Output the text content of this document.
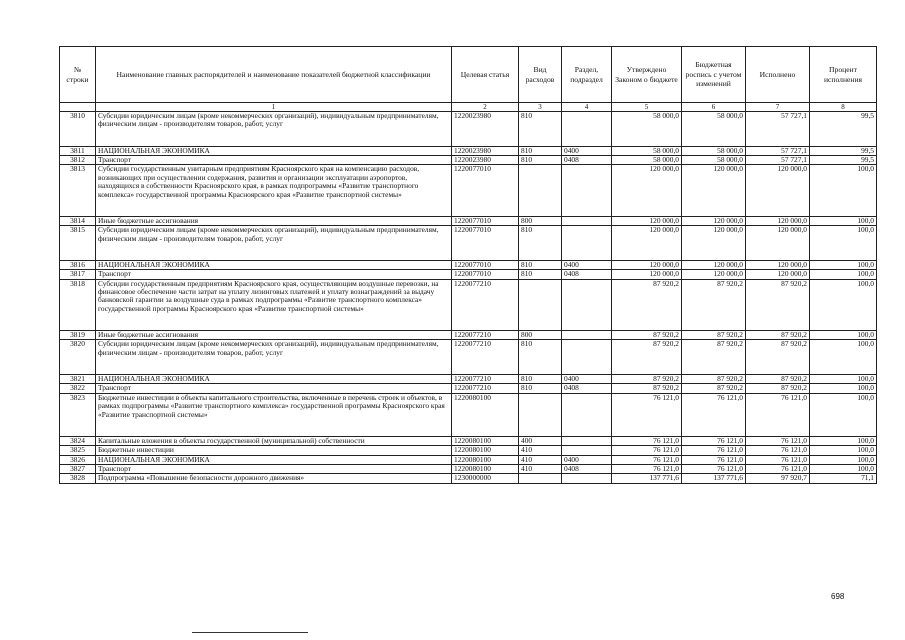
№ строки	Наименование главных распорядителей и наименование показателей бюджетной классификации	Целевая статья	Вид расходов	Раздел, подраздел	Утверждено Законом о бюджете	Бюджетная роспись с учетом изменений	Исполнено	Процент исполнения
	1	2	3	4	5	6	7	8
3810	Субсидии юридическим лицам (кроме некоммерческих организаций), индивидуальным предпринимателям, физическим лицам - производителям товаров, работ, услуг	1220023980	810		58 000,0	58 000,0	57 727,1	99,5
3811	НАЦИОНАЛЬНАЯ ЭКОНОМИКА	1220023980	810	0400	58 000,0	58 000,0	57 727,1	99,5
3812	Транспорт	1220023980	810	0408	58 000,0	58 000,0	57 727,1	99,5
3813	Субсидии государственным унитарным предприятиям Красноярского края на компенсацию расходов, возникающих при осуществлении содержания, развития и организации эксплуатации аэропортов, находящихся в собственности Красноярского края, в рамках подпрограммы «Развитие транспортного комплекса» государственной программы Красноярского края «Развитие транспортной системы»	1220077010			120 000,0	120 000,0	120 000,0	100,0
3814	Иные бюджетные ассигнования	1220077010	800		120 000,0	120 000,0	120 000,0	100,0
3815	Субсидии юридическим лицам (кроме некоммерческих организаций), индивидуальным предпринимателям, физическим лицам - производителям товаров, работ, услуг	1220077010	810		120 000,0	120 000,0	120 000,0	100,0
3816	НАЦИОНАЛЬНАЯ ЭКОНОМИКА	1220077010	810	0400	120 000,0	120 000,0	120 000,0	100,0
3817	Транспорт	1220077010	810	0408	120 000,0	120 000,0	120 000,0	100,0
3818	Субсидии государственным предприятиям Красноярского края, осуществляющим воздушные перевозки, на финансовое обеспечение части затрат на уплату лизинговых платежей и уплату вознаграждений за выдачу банковской гарантии за воздушные суда в рамках подпрограммы «Развитие транспортного комплекса» государственной программы Красноярского края «Развитие транспортной системы»	1220077210			87 920,2	87 920,2	87 920,2	100,0
3819	Иные бюджетные ассигнования	1220077210	800		87 920,2	87 920,2	87 920,2	100,0
3820	Субсидии юридическим лицам (кроме некоммерческих организаций), индивидуальным предпринимателям, физическим лицам - производителям товаров, работ, услуг	1220077210	810		87 920,2	87 920,2	87 920,2	100,0
3821	НАЦИОНАЛЬНАЯ ЭКОНОМИКА	1220077210	810	0400	87 920,2	87 920,2	87 920,2	100,0
3822	Транспорт	1220077210	810	0408	87 920,2	87 920,2	87 920,2	100,0
3823	Бюджетные инвестиции в объекты капитального строительства, включенные в перечень строек и объектов, в рамках подпрограммы «Развитие транспортного комплекса» государственной программы Красноярского края «Развитие транспортной системы»	1220080100			76 121,0	76 121,0	76 121,0	100,0
3824	Капитальные вложения в объекты государственной (муниципальной) собственности	1220080100	400		76 121,0	76 121,0	76 121,0	100,0
3825	Бюджетные инвестиции	1220080100	410		76 121,0	76 121,0	76 121,0	100,0
3826	НАЦИОНАЛЬНАЯ ЭКОНОМИКА	1220080100	410	0400	76 121,0	76 121,0	76 121,0	100,0
3827	Транспорт	1220080100	410	0408	76 121,0	76 121,0	76 121,0	100,0
3828	Подпрограмма «Повышение безопасности дорожного движения»	1230000000			137 771,6	137 771,6	97 920,7	71,1
698
